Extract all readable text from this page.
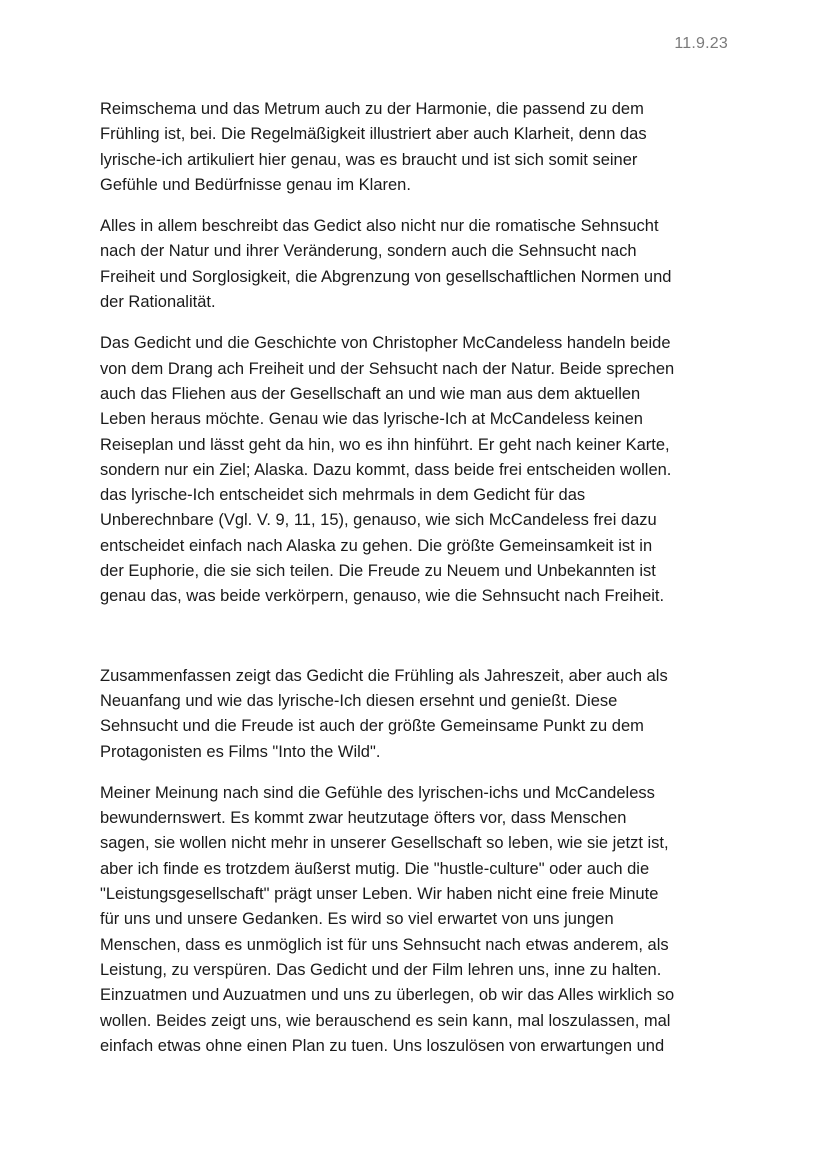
11.9.23

Reimschema und das Metrum auch zu der Harmonie, die passend zu dem
Frühling ist, bei. Die Regelmäßigkeit illustriert aber auch Klarheit, denn das
lyrische-ich artikuliert hier genau, was es braucht und ist sich somit seiner
Gefühle und Bedürfnisse genau im Klaren.

Alles in allem beschreibt das Gedict also nicht nur die romatische Sehnsucht
nach der Natur und ihrer Veränderung, sondern auch die Sehnsucht nach
Freiheit und Sorglosigkeit, die Abgrenzung von gesellschaftlichen Normen und
der Rationalität.

Das Gedicht und die Geschichte von Christopher McCandeless handeln beide
von dem Drang ach Freiheit und der Sehsucht nach der Natur. Beide sprechen
auch das Fliehen aus der Gesellschaft an und wie man aus dem aktuellen
Leben heraus möchte. Genau wie das lyrische-Ich at McCandeless keinen
Reiseplan und lässt geht da hin, wo es ihn hinführt. Er geht nach keiner Karte,
sondern nur ein Ziel; Alaska. Dazu kommt, dass beide frei entscheiden wollen.
das lyrische-Ich entscheidet sich mehrmals in dem Gedicht für das
Unberechnbare (Vgl. V. 9, 11, 15), genauso, wie sich McCandeless frei dazu
entscheidet einfach nach Alaska zu gehen. Die größte Gemeinsamkeit ist in
der Euphorie, die sie sich teilen. Die Freude zu Neuem und Unbekannten ist
genau das, was beide verkörpern, genauso, wie die Sehnsucht nach Freiheit.

Zusammenfassen zeigt das Gedicht die Frühling als Jahreszeit, aber auch als
Neuanfang und wie das lyrische-Ich diesen ersehnt und genießt. Diese
Sehnsucht und die Freude ist auch der größte Gemeinsame Punkt zu dem
Protagonisten es Films "Into the Wild".

Meiner Meinung nach sind die Gefühle des lyrischen-ichs und McCandeless
bewundernswert. Es kommt zwar heutzutage öfters vor, dass Menschen
sagen, sie wollen nicht mehr in unserer Gesellschaft so leben, wie sie jetzt ist,
aber ich finde es trotzdem äußerst mutig. Die "hustle-culture" oder auch die
"Leistungsgesellschaft" prägt unser Leben. Wir haben nicht eine freie Minute
für uns und unsere Gedanken. Es wird so viel erwartet von uns jungen
Menschen, dass es unmöglich ist für uns Sehnsucht nach etwas anderem, als
Leistung, zu verspüren. Das Gedicht und der Film lehren uns, inne zu halten.
Einzuatmen und Auzuatmen und uns zu überlegen, ob wir das Alles wirklich so
wollen. Beides zeigt uns, wie berauschend es sein kann, mal loszulassen, mal
einfach etwas ohne einen Plan zu tuen. Uns loszulösen von erwartungen und
